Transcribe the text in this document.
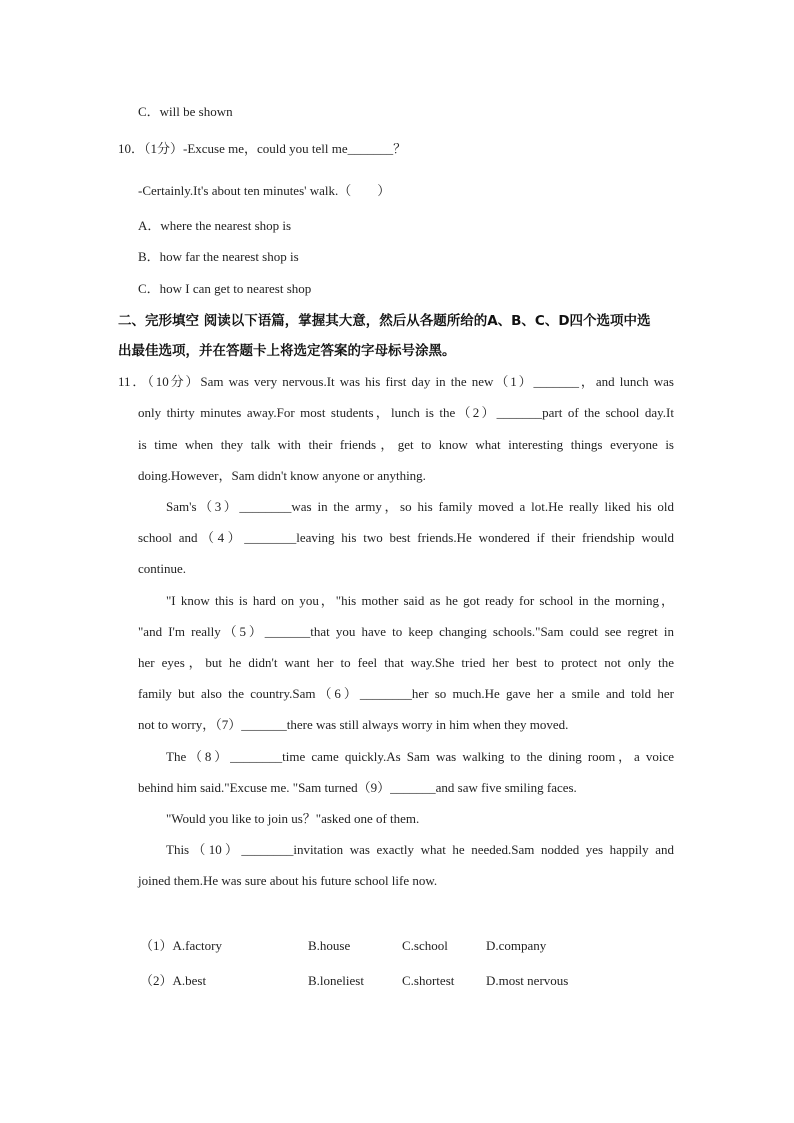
C．will be shown
10．（1分）-Excuse me，could you tell me_______？
-Certainly.It's about ten minutes' walk.（　　）
A．where the nearest shop is
B．how far the nearest shop is
C．how I can get to nearest shop
二、完形填空 阅读以下语篇，掌握其大意，然后从各题所给的A、B、C、D四个选项中选
出最佳选项，并在答题卡上将选定答案的字母标号涂黑。
11．（10分）Sam was very nervous.It was his first day in the new（1）_______，and lunch was
only thirty minutes away.For most students，lunch is the（2）_______part of the school day.It
is time when they talk with their friends，get to know what interesting things everyone is
doing.However，Sam didn't know anyone or anything.
Sam's（3）________was in the army，so his family moved a lot.He really liked his old
school and（4）________leaving his two best friends.He wondered if their friendship would
continue.
"I know this is hard on you，"his mother said as he got ready for school in the morning，
"and I'm really（5）_______that you have to keep changing schools."Sam could see regret in
her eyes，but he didn't want her to feel that way.She tried her best to protect not only the
family but also the country.Sam（6）________her so much.He gave her a smile and told her
not to worry，（7）_______there was still always worry in him when they moved.
The（8）________time came quickly.As Sam was walking to the dining room，a voice
behind him said."Excuse me. "Sam turned（9）_______and saw five smiling faces.
"Would you like to join us？"asked one of them.
This（10）________invitation was exactly what he needed.Sam nodded yes happily and
joined them.He was sure about his future school life now.
（1）A.factory	B.house	C.school	D.company
（2）A.best	B.loneliest	C.shortest D.most nervous
